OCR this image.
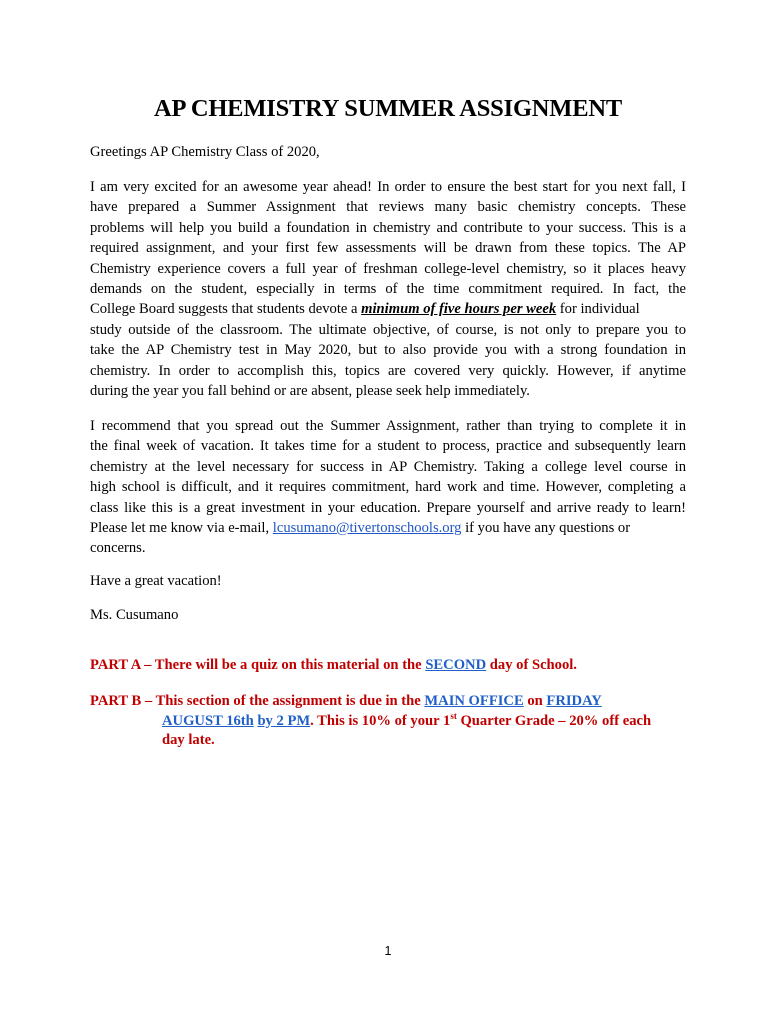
AP CHEMISTRY SUMMER ASSIGNMENT
Greetings AP Chemistry Class of 2020,
I am very excited for an awesome year ahead! In order to ensure the best start for you next fall, I
have prepared a Summer Assignment that reviews many basic chemistry concepts. These
problems will help you build a foundation in chemistry and contribute to your success. This is a
required assignment, and your first few assessments will be drawn from these topics. The AP
Chemistry experience covers a full year of freshman college-level chemistry, so it places heavy
demands on the student, especially in terms of the time commitment required. In fact, the
College Board suggests that students devote a minimum of five hours per week for individual
study outside of the classroom. The ultimate objective, of course, is not only to prepare you to
take the AP Chemistry test in May 2020, but to also provide you with a strong foundation in
chemistry. In order to accomplish this, topics are covered very quickly. However, if anytime
during the year you fall behind or are absent, please seek help immediately.
I recommend that you spread out the Summer Assignment, rather than trying to complete it in
the final week of vacation. It takes time for a student to process, practice and subsequently learn
chemistry at the level necessary for success in AP Chemistry. Taking a college level course in
high school is difficult, and it requires commitment, hard work and time. However, completing a
class like this is a great investment in your education. Prepare yourself and arrive ready to learn!
Please let me know via e-mail, lcusumano@tivertonschools.org if you have any questions or
concerns.
Have a great vacation!
Ms. Cusumano
PART A – There will be a quiz on this material on the SECOND day of School.
PART B – This section of the assignment is due in the MAIN OFFICE on FRIDAY
AUGUST 16th by 2 PM. This is 10% of your 1st Quarter Grade – 20% off each
day late.
1
